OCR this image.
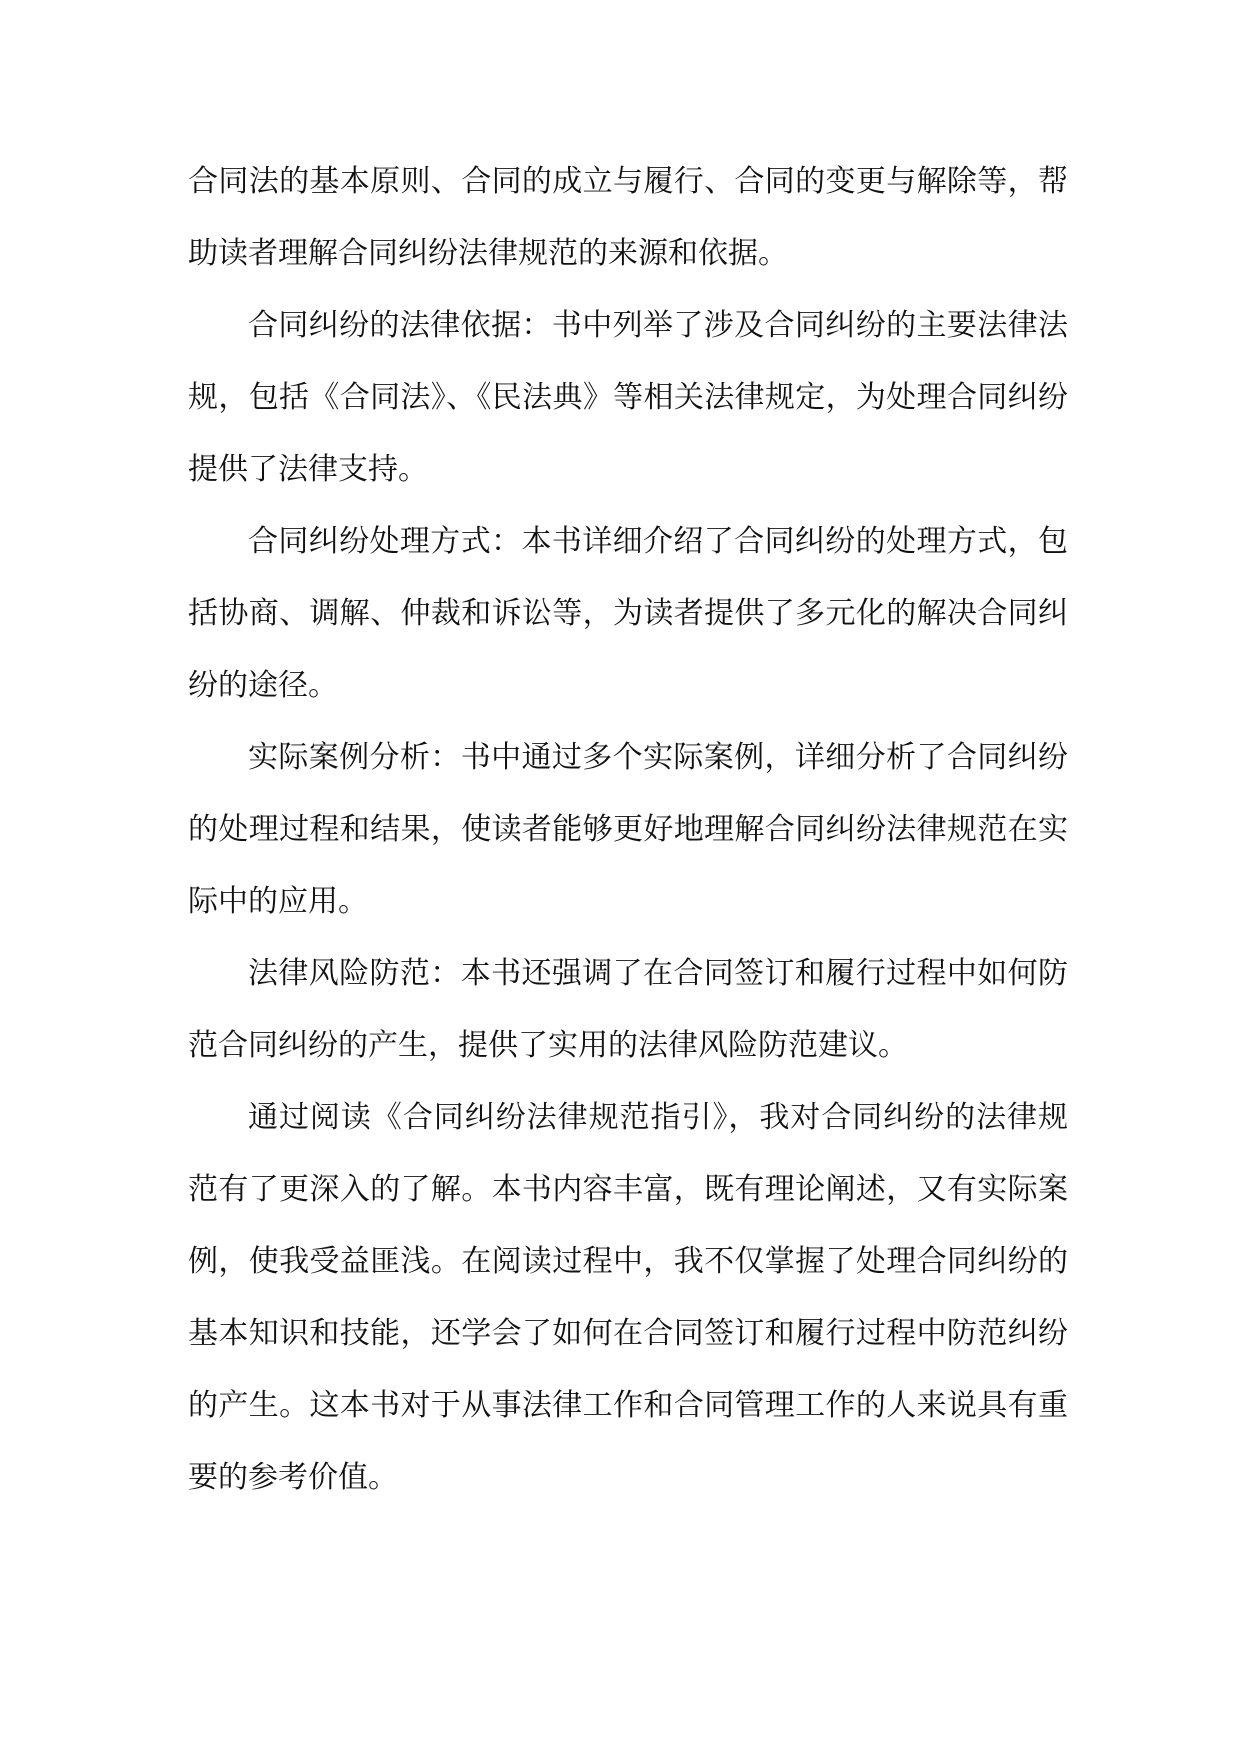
合同法的基本原则、合同的成立与履行、合同的变更与解除等，帮助读者理解合同纠纷法律规范的来源和依据。

合同纠纷的法律依据：书中列举了涉及合同纠纷的主要法律法规，包括《合同法》、《民法典》等相关法律规定，为处理合同纠纷提供了法律支持。

合同纠纷处理方式：本书详细介绍了合同纠纷的处理方式，包括协商、调解、仲裁和诉讼等，为读者提供了多元化的解决合同纠纷的途径。

实际案例分析：书中通过多个实际案例，详细分析了合同纠纷的处理过程和结果，使读者能够更好地理解合同纠纷法律规范在实际中的应用。

法律风险防范：本书还强调了在合同签订和履行过程中如何防范合同纠纷的产生，提供了实用的法律风险防范建议。

通过阅读《合同纠纷法律规范指引》，我对合同纠纷的法律规范有了更深入的了解。本书内容丰富，既有理论阐述，又有实际案例，使我受益匪浅。在阅读过程中，我不仅掌握了处理合同纠纷的基本知识和技能，还学会了如何在合同签订和履行过程中防范纠纷的产生。这本书对于从事法律工作和合同管理工作的人来说具有重要的参考价值。
